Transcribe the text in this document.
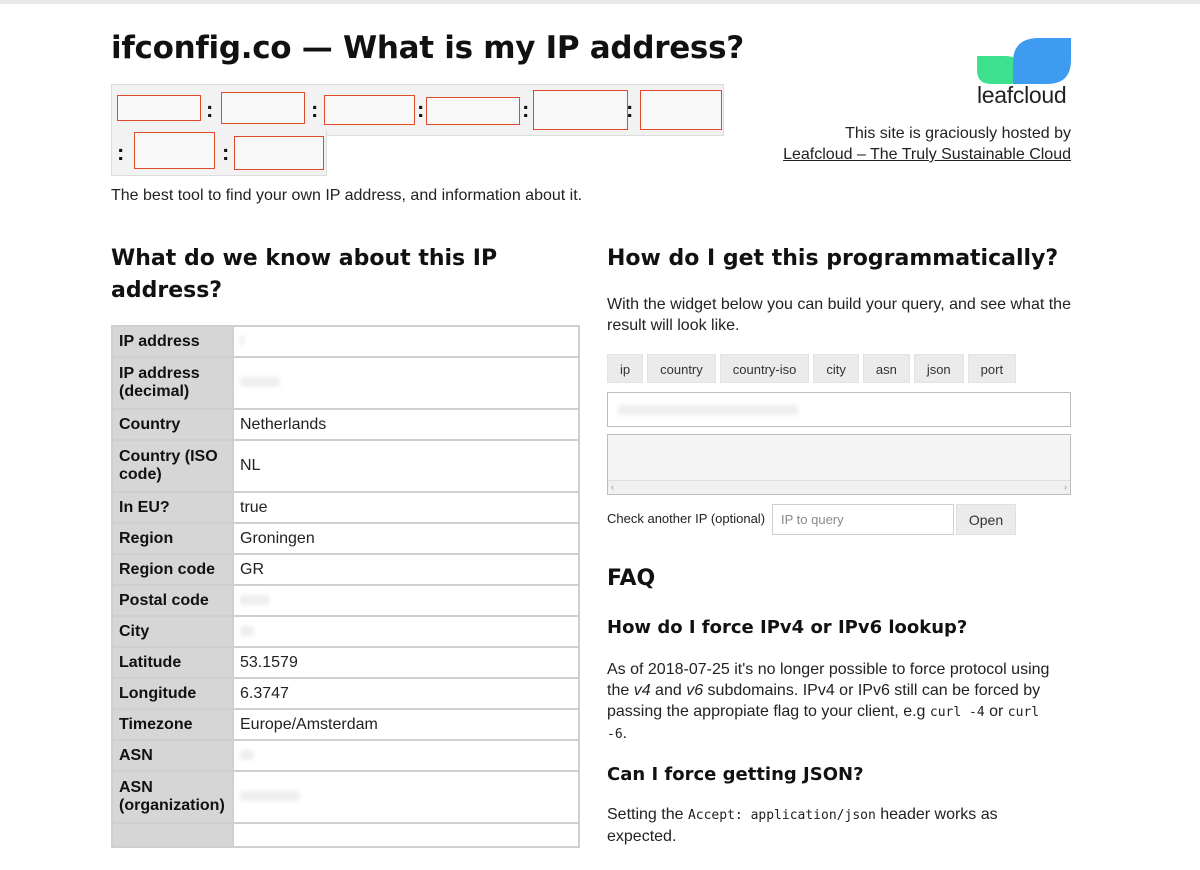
ifconfig.co — What is my IP address?
:	:	:	:	:
:	:

The best tool to find your own IP address, and information about it.

leafcloud
This site is graciously hosted by
Leafcloud – The Truly Sustainable Cloud
What do we know about this IP address?
IP address	
IP address (decimal)	
Country	Netherlands
Country (ISO code)	NL
In EU?	true
Region	Groningen
Region code	GR
Postal code	
City	
Latitude	53.1579
Longitude	6.3747
Timezone	Europe/Amsterdam
ASN	
ASN (organization)	

How do I get this programmatically?

With the widget below you can build your query, and see what the result will look like.

ip	country	country-iso	city	asn	json	port
‹	›
Check another IP (optional)
IP to query	Open
FAQ
How do I force IPv4 or IPv6 lookup?

As of 2018-07-25 it's no longer possible to force protocol using the v4 and v6 subdomains. IPv4 or IPv6 still can be forced by passing the appropiate flag to your client, e.g curl -4 or curl -6.

Can I force getting JSON?

Setting the Accept: application/json header works as expected.
